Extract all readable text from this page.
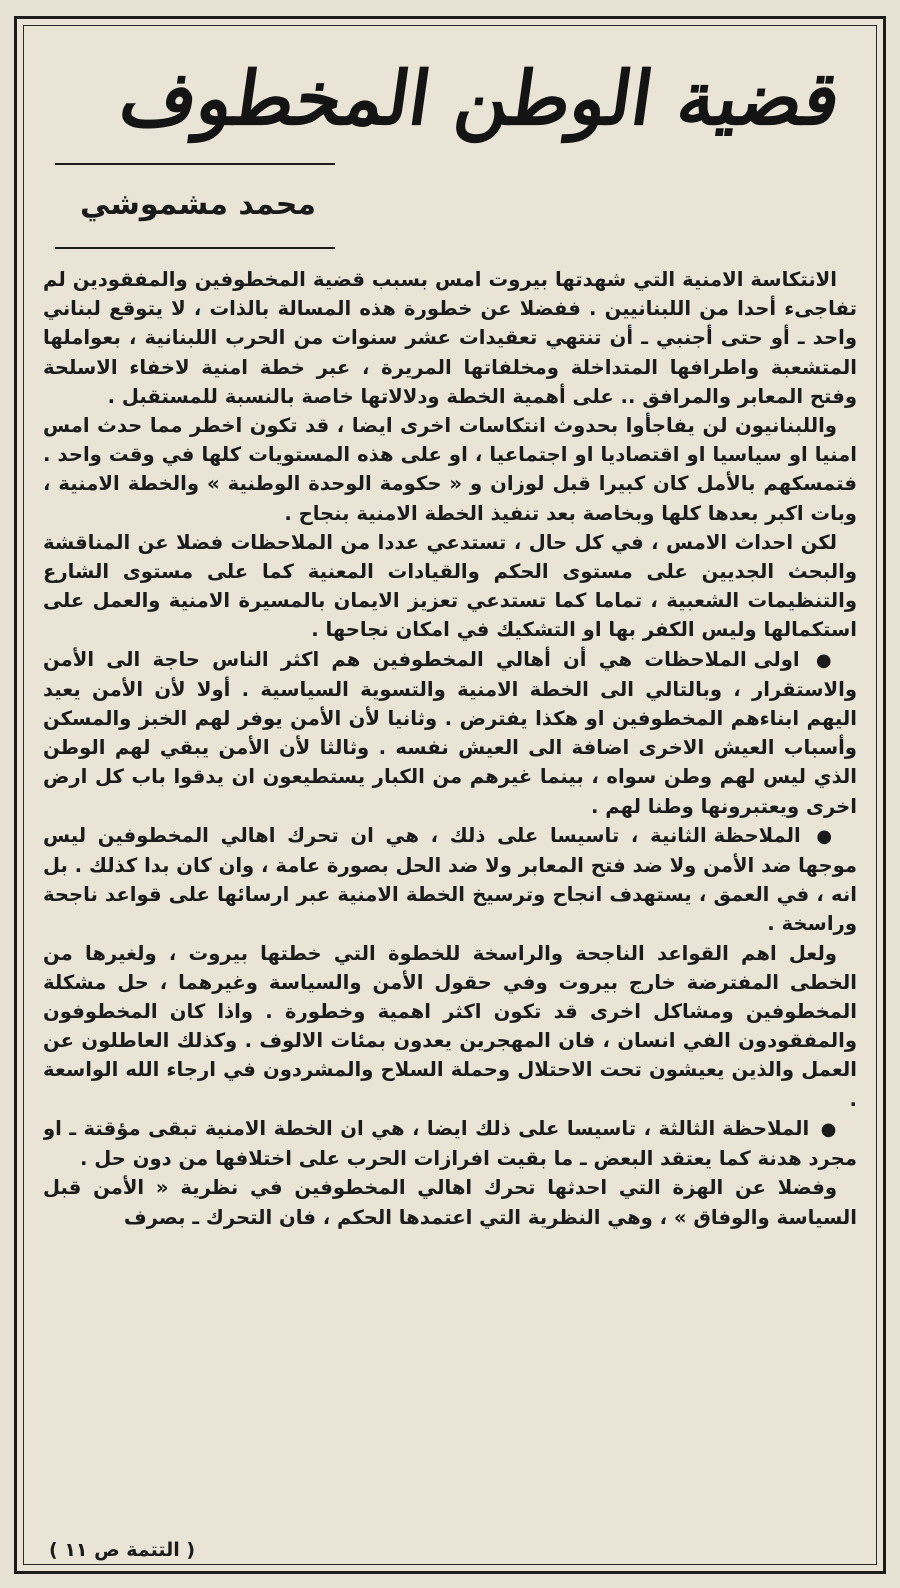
قضية الوطن المخطوف
محمد مشموشي

الانتكاسة الامنية التي شهدتها بيروت امس بسبب قضية المخطوفين والمفقودين لم تفاجىء أحدا من اللبنانيين . ففضلا عن خطورة هذه المسالة بالذات ، لا يتوقع لبناني واحد ـ أو حتى أجنبي ـ أن تنتهي تعقيدات عشر سنوات من الحرب اللبنانية ، بعواملها المتشعبة واطرافها المتداخلة ومخلفاتها المريرة ، عبر خطة امنية لاخفاء الاسلحة وفتح المعابر والمرافق .. على أهمية الخطة ودلالاتها خاصة بالنسبة للمستقبل .

واللبنانيون لن يفاجأوا بحدوث انتكاسات اخرى ايضا ، قد تكون اخطر مما حدث امس امنيا او سياسيا او اقتصاديا او اجتماعيا ، او على هذه المستويات كلها في وقت واحد . فتمسكهم بالأمل كان كبيرا قبل لوزان و « حكومة الوحدة الوطنية » والخطة الامنية ، وبات اكبر بعدها كلها وبخاصة بعد تنفيذ الخطة الامنية بنجاح .

لكن احداث الامس ، في كل حال ، تستدعي عددا من الملاحظات فضلا عن المناقشة والبحث الجديين على مستوى الحكم والقيادات المعنية كما على مستوى الشارع والتنظيمات الشعبية ، تماما كما تستدعي تعزيز الايمان بالمسيرة الامنية والعمل على استكمالها وليس الكفر بها او التشكيك في امكان نجاحها .

● اولى الملاحظات هي أن أهالي المخطوفين هم اكثر الناس حاجة الى الأمن والاستقرار ، وبالتالي الى الخطة الامنية والتسوية السياسية . أولا لأن الأمن يعيد اليهم ابناءهم المخطوفين او هكذا يفترض . وثانيا لأن الأمن يوفر لهم الخبز والمسكن وأسباب العيش الاخرى اضافة الى العيش نفسه . وثالثا لأن الأمن يبقي لهم الوطن الذي ليس لهم وطن سواه ، بينما غيرهم من الكبار يستطيعون ان يدقوا باب كل ارض اخرى ويعتبرونها وطنا لهم .

● الملاحظة الثانية ، تاسيسا على ذلك ، هي ان تحرك اهالي المخطوفين ليس موجها ضد الأمن ولا ضد فتح المعابر ولا ضد الحل بصورة عامة ، وان كان بدا كذلك . بل انه ، في العمق ، يستهدف انجاح وترسيخ الخطة الامنية عبر ارسائها على قواعد ناجحة وراسخة .

ولعل اهم القواعد الناجحة والراسخة للخطوة التي خطتها بيروت ، ولغيرها من الخطى المفترضة خارج بيروت وفي حقول الأمن والسياسة وغيرهما ، حل مشكلة المخطوفين ومشاكل اخرى قد تكون اكثر اهمية وخطورة . واذا كان المخطوفون والمفقودون الفي انسان ، فان المهجرين يعدون بمئات الالوف . وكذلك العاطلون عن العمل والذين يعيشون تحت الاحتلال وحملة السلاح والمشردون في ارجاء الله الواسعة .

● الملاحظة الثالثة ، تاسيسا على ذلك ايضا ، هي ان الخطة الامنية تبقى مؤقتة ـ او مجرد هدنة كما يعتقد البعض ـ ما بقيت افرازات الحرب على اختلافها من دون حل .

وفضلا عن الهزة التي احدثها تحرك اهالي المخطوفين في نظرية « الأمن قبل السياسة والوفاق » ، وهي النظرية التي اعتمدها الحكم ، فان التحرك ـ بصرف

( التتمة ص ١١ )
